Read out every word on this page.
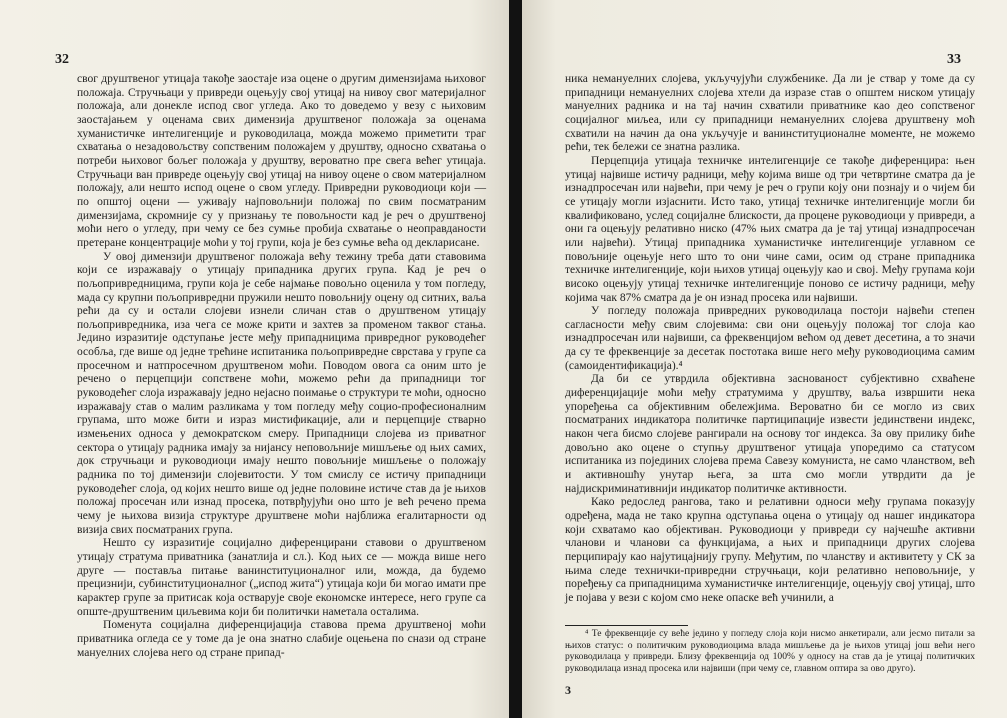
32

свог друштвеног утицаја такође заостаје иза оцене о другим димензијама њиховог положаја. Стручњаци у привреди оцењују свој утицај на нивоу свог материјалног положаја, али донекле испод свог угледа. Ако то доведемо у везу с њиховим заостајањем у оценама свих димензија друштвеног положаја за оценама хуманистичке интелигенције и руководилаца, можда можемо приметити траг схватања о незадовољству сопственим положајем у друштву, односно схватања о потреби њиховог бољег положаја у друштву, вероватно пре свега већег утицаја. Стручњаци ван привреде оцењују свој утицај на нивоу оцене о свом материјалном положају, али нешто испод оцене о свом угледу. Привредни руководиоци који — по општој оцени — уживају најповољнији положај по свим посматраним димензијама, скромније су у признању те повољности кад је реч о друштвеној моћи него о угледу, при чему се без сумње пробија схватање о неоправданости претеране концентрације моћи у тој групи, која је без сумње већа од декларисане.

У овој димензији друштвеног положаја већу тежину треба дати ставовима који се изражавају о утицају припадника других група. Кад је реч о пољопривредницима, групи која је себе најмање повољно оценила у том погледу, мада су крупни пољопривредни пружили нешто повољнију оцену од ситних, ваља рећи да су и остали слојеви изнели сличан став о друштвеном утицају пољопривредника, иза чега се може крити и захтев за променом таквог стања. Једино изразитије одступање јесте међу припадницима привредног руководећег особља, где више од једне трећине испитаника пољопривредне сврстава у групе са просечном и натпросечном друштвеном моћи. Поводом овога са оним што је речено о перцепцији сопствене моћи, можемо рећи да припадници тог руководећег слоја изражавају једно нејасно поимање о структури те моћи, односно изражавају став о малим разликама у том погледу међу социо-професионалним групама, што може бити и израз мистификације, али и перцепције стварно измењених односа у демократском смеру. Припадници слојева из приватног сектора о утицају радника имају за нијансу неповољније мишљење од њих самих, док стручњаци и руководиоци имају нешто повољније мишљење о положају радника по тој димензији слојевитости. У том смислу се истичу припадници руководећег слоја, од којих нешто више од једне половине истиче став да је њихов положај просечан или изнад просека, потврђујући оно што је већ речено према чему је њихова визија структуре друштвене моћи најближа егалитарности од визија свих посматраних група.

Нешто су изразитије социјално диференцирани ставови о друштвеном утицају стратума приватника (занатлија и сл.). Код њих се — можда више него друге — поставља питање ванинституционалног или, можда, да будемо прецизнији, субинституционалног („испод жита“) утицаја који би могао имати пре карактер групе за притисак која остварује своје економске интересе, него групе са опште-друштвеним циљевима који би политички наметала осталима.

Поменута социјална диференцијација ставова према друштвеној моћи приватника огледа се у томе да је она знатно слабије оцењена по снази од стране мануелних слојева него од стране припад-

33

ника немануелних слојева, укључујући службенике. Да ли је ствар у томе да су припадници немануелних слојева хтели да изразе став о општем ниском утицају мануелних радника и на тај начин схватили приватнике као део сопственог социјалног миљеа, или су припадници немануелних слојева друштвену моћ схватили на начин да она укључује и ванинституционалне моменте, не можемо рећи, тек бележи се знатна разлика.

Перцепција утицаја техничке интелигенције се такође диференцира: њен утицај највише истичу радници, међу којима више од три четвртине сматра да је изнадпросечан или највећи, при чему је реч о групи коју они познају и о чијем би се утицају могли изјаснити. Исто тако, утицај техничке интелигенције могли би квалификовано, услед социјалне блискости, да процене руководиоци у привреди, а они га оцењују релативно ниско (47% њих сматра да је тај утицај изнадпросечан или највећи). Утицај припадника хуманистичке интелигенције углавном се повољније оцењује него што то они чине сами, осим од стране припадника техничке интелигенције, који њихов утицај оцењују као и свој. Међу групама који високо оцењују утицај техничке интелигенције поново се истичу радници, међу којима чак 87% сматра да је он изнад просека или највиши.

У погледу положаја привредних руководилаца постоји највећи степен сагласности међу свим слојевима: сви они оцењују положај тог слоја као изнадпросечан или највиши, са фреквенцијом већом од девет десетина, а то значи да су те фреквенције за десетак постотака више него међу руководиоцима самим (самоидентификација).⁴

Да би се утврдила објективна заснованост субјективно схваћене диференцијације моћи међу стратумима у друштву, ваља извршити нека упоређења са објективним обележјима. Вероватно би се могло из свих посматраних индикатора политичке партиципације извести јединствени индекс, након чега бисмо слојеве рангирали на основу тог индекса. За ову прилику биће довољно ако оцене о ступњу друштвеног утицаја упоредимо са статусом испитаника из појединих слојева према Савезу комуниста, не само чланством, већ и активношћу унутар њега, за шта смо могли утврдити да је најдискриминативнији индикатор политичке активности.

Како редослед рангова, тако и релативни односи међу групама показују одређена, мада не тако крупна одступања оцена о утицају од нашег индикатора који схватамо као објективан. Руководиоци у привреди су најчешће активни чланови и чланови са функцијама, а њих и припадници других слојева перципирају као најутицајнију групу. Међутим, по чланству и активитету у СК за њима следе технички-привредни стручњаци, који релативно неповољније, у поређењу са припадницима хуманистичке интелигенције, оцењују свој утицај, што је појава у вези с којом смо неке опаске већ учинили, а

⁴ Те фреквенције су веће једино у погледу слоја који нисмо анкетирали, али јесмо питали за њихов статус: о политичким руководиоцима влада мишљење да је њихов утицај још већи него руководилаца у привреди. Близу фреквенција од 100% у односу на став да је утицај политичких руководилаца изнад просека или највиши (при чему се, главном оптира за ово друго).

3
